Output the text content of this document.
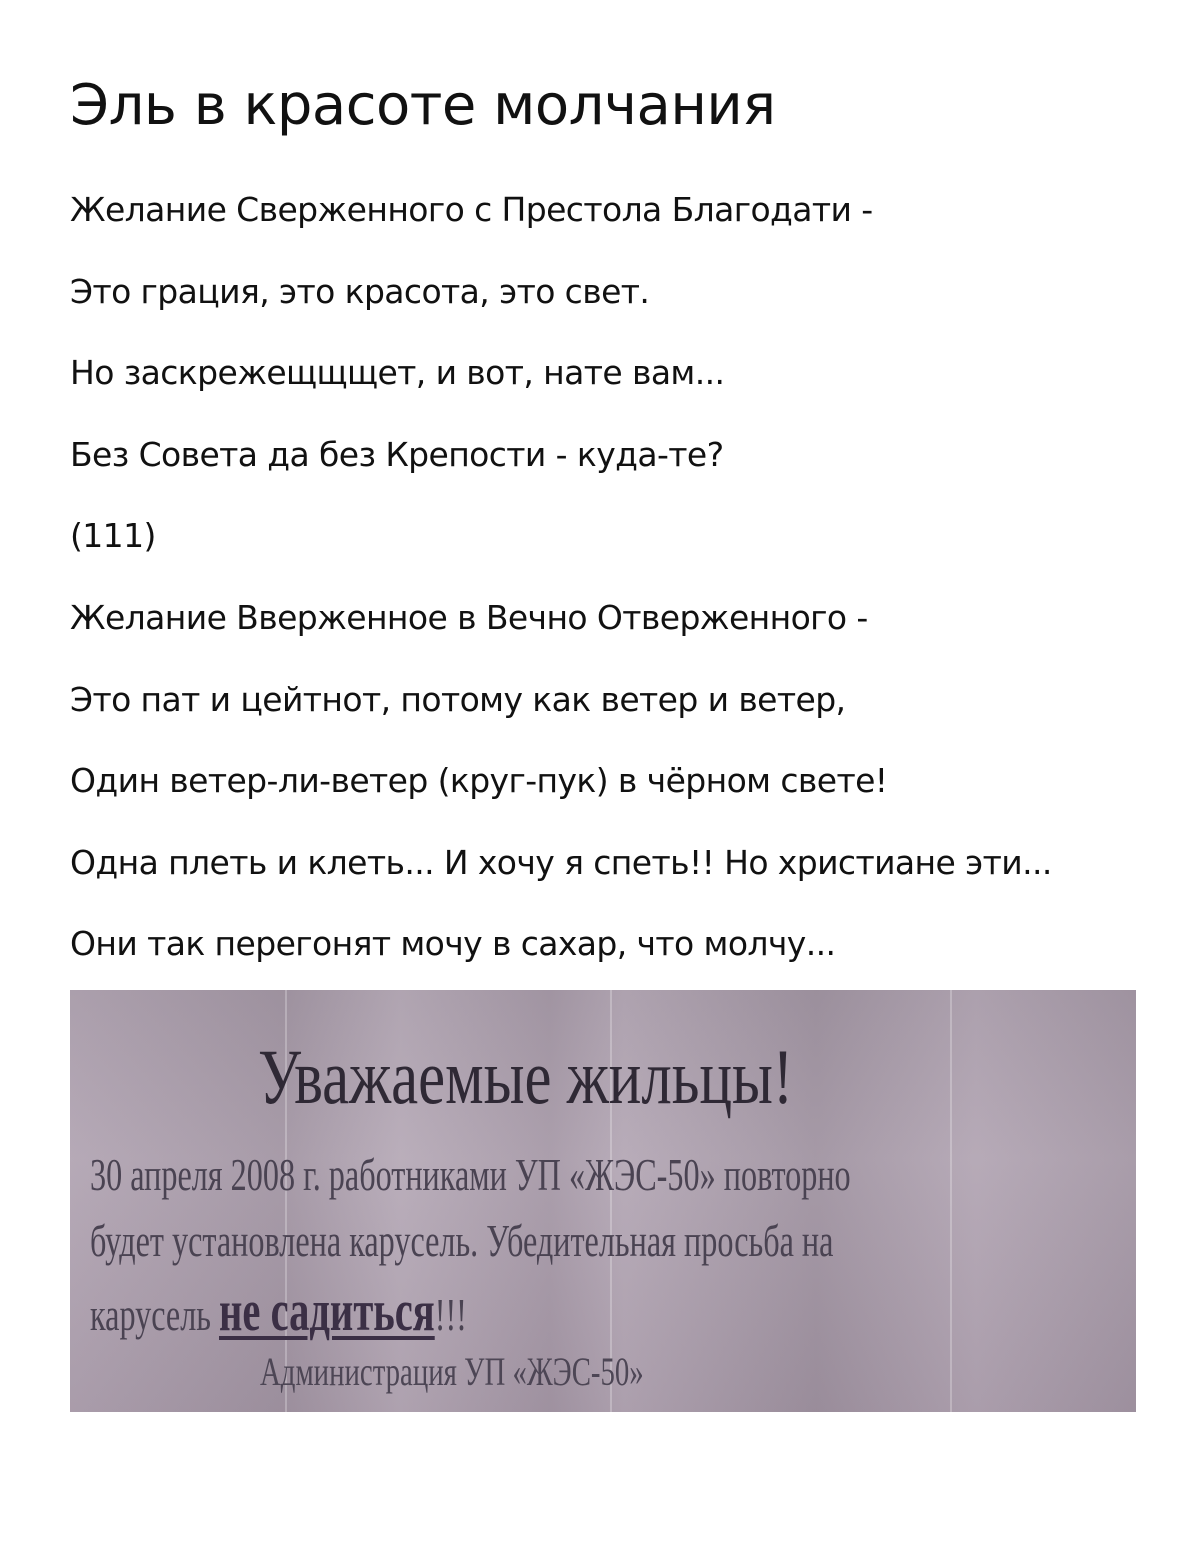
Эль в красоте молчания
Желание Сверженного с Престола Благодати -
Это грация, это красота, это свет.
Но заскрежещщщет, и вот, нате вам...
Без Совета да без Крепости - куда-те?
(111)
Желание Вверженное в Вечно Отверженного -
Это пат и цейтнот, потому как ветер и ветер,
Один ветер-ли-ветер (круг-пук) в чёрном свете!
Одна плеть и клеть... И хочу я спеть!! Но христиане эти...
Они так перегонят мочу в сахар, что молчу...
Уважаемые жильцы!
30 апреля 2008 г. работниками УП «ЖЭС-50» повторно
будет установлена карусель. Убедительная просьба на
карусель не садиться!!!
Администрация УП «ЖЭС-50»
